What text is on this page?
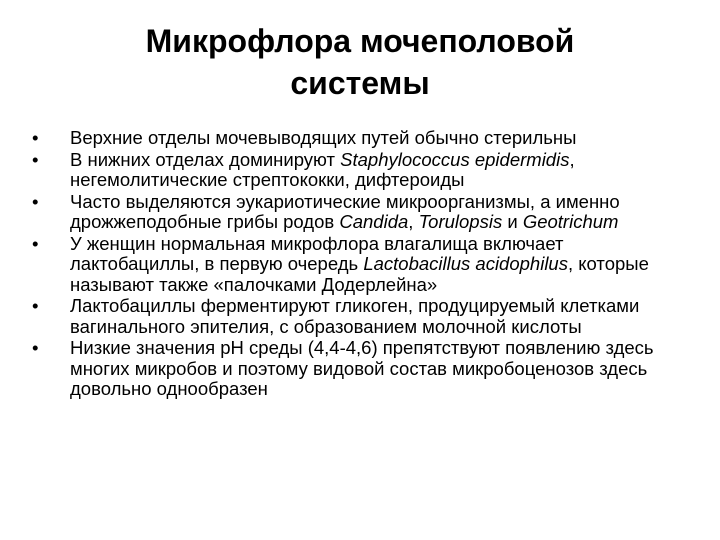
Микрофлора мочеполовой
системы
•	Верхние отделы мочевыводящих путей обычно стерильны
•	В нижних отделах доминируют Staphylococcus epidermidis, негемолитические стрептококки, дифтероиды
•	Часто выделяются эукариотические микроорганизмы, а именно дрожжеподобные грибы родов Candida, Torulopsis и Geotrichum
•	У женщин нормальная микрофлора влагалища включает лактобациллы, в первую очередь Lactobacillus acidophilus, которые называют также «палочками Додерлейна»
•	Лактобациллы ферментируют гликоген, продуцируемый клетками вагинального эпителия, с образованием молочной кислоты
•	Низкие значения рН среды (4,4-4,6) препятствуют появлению здесь многих микробов и поэтому видовой состав микробоценозов здесь довольно однообразен
